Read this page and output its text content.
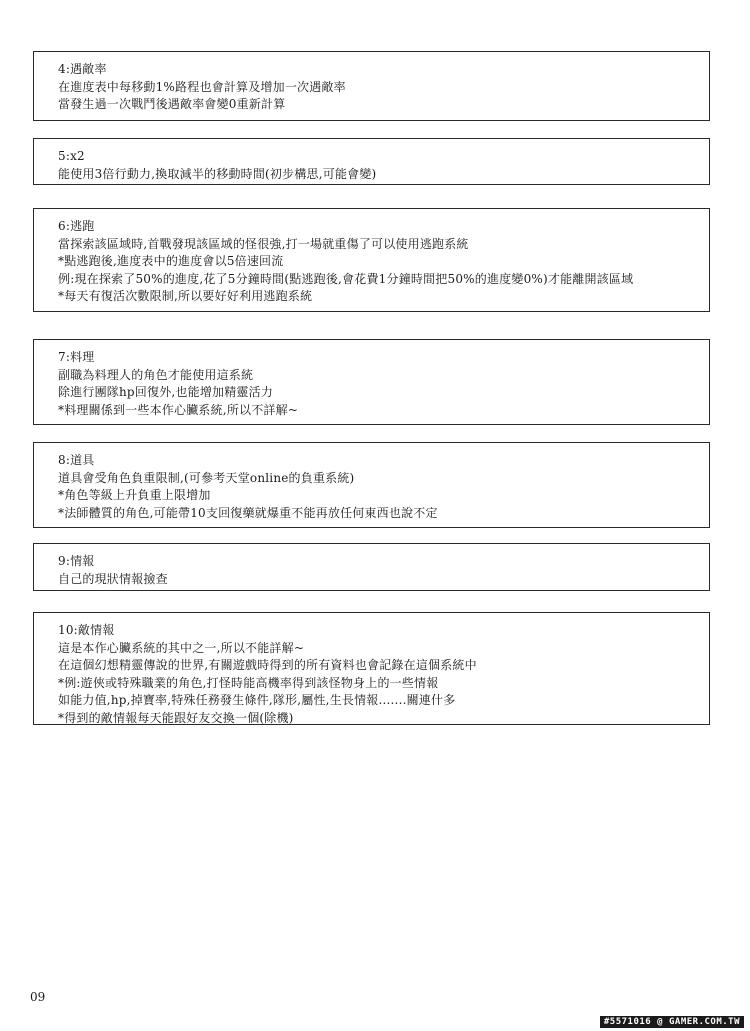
4:遇敵率
在進度表中每移動1%路程也會計算及增加一次遇敵率
當發生過一次戰鬥後遇敵率會變0重新計算
5:x2
能使用3倍行動力,換取減半的移動時間(初步構思,可能會變)
6:逃跑
當探索該區域時,首戰發現該區域的怪很強,打一場就重傷了可以使用逃跑系統
*點逃跑後,進度表中的進度會以5倍速回流
例:現在探索了50%的進度,花了5分鐘時間(點逃跑後,會花費1分鐘時間把50%的進度變0%)才能離開該區域
*每天有復活次數限制,所以要好好利用逃跑系統
7:料理
副職為料理人的角色才能使用這系統
除進行團隊hp回復外,也能增加精靈活力
*料理關係到一些本作心臟系統,所以不詳解~
8:道具
道具會受角色負重限制,(可參考天堂online的負重系統)
*角色等級上升負重上限增加
*法師體質的角色,可能帶10支回復藥就爆重不能再放任何東西也說不定
9:情報
自己的現狀情報撿查
10:敵情報
這是本作心臟系統的其中之一,所以不能詳解~
在這個幻想精靈傳說的世界,有關遊戲時得到的所有資料也會記錄在這個系統中
*例:遊俠或特殊職業的角色,打怪時能高機率得到該怪物身上的一些情報
如能力值,hp,掉寶率,特殊任務發生條件,隊形,屬性,生長情報.......關連什多
*得到的敵情報每天能跟好友交換一個(除機)
09
#5571016 @ GAMER.COM.TW
